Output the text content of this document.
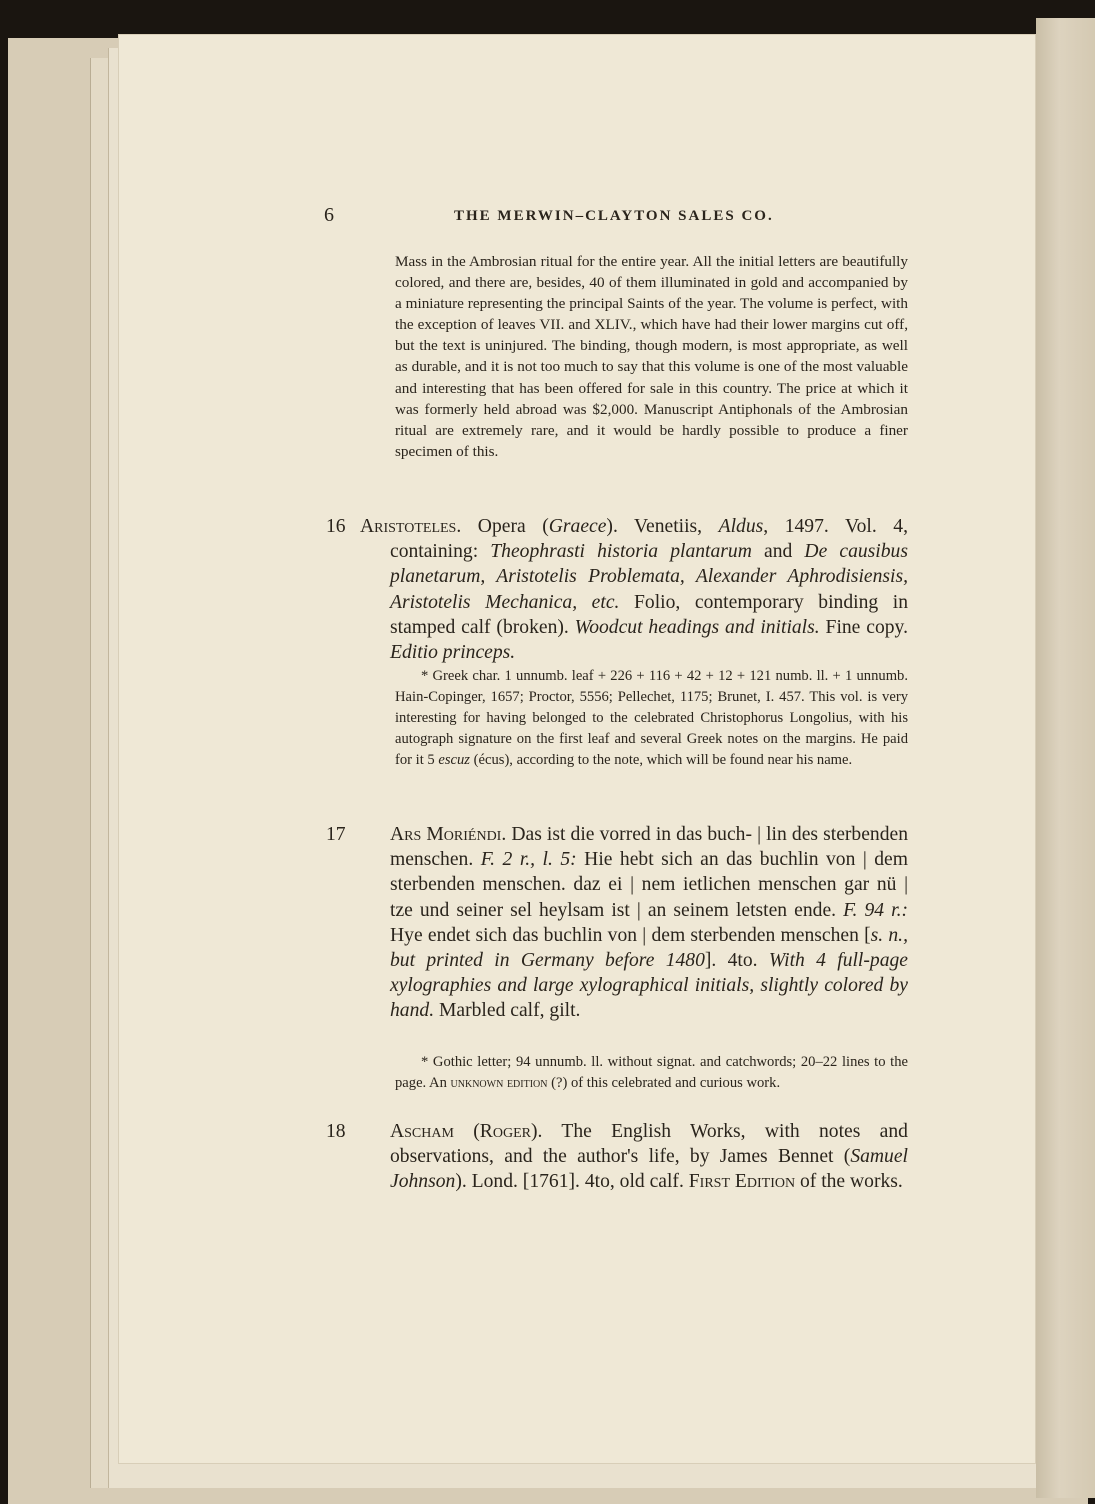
6	THE MERWIN–CLAYTON SALES CO.

Mass in the Ambrosian ritual for the entire year. All the initial letters are beautifully colored, and there are, besides, 40 of them illuminated in gold and accompanied by a miniature representing the principal Saints of the year. The volume is perfect, with the exception of leaves VII. and XLIV., which have had their lower margins cut off, but the text is uninjured. The binding, though modern, is most appropriate, as well as durable, and it is not too much to say that this volume is one of the most valuable and interesting that has been offered for sale in this country. The price at which it was formerly held abroad was $2,000. Manuscript Antiphonals of the Ambrosian ritual are extremely rare, and it would be hardly possible to produce a finer specimen of this.

16 Aristoteles. Opera (Graece). Venetiis, Aldus, 1497. Vol. 4, containing: Theophrasti historia plantarum and De causibus planetarum, Aristotelis Problemata, Alexander Aphrodisiensis, Aristotelis Mechanica, etc. Folio, contemporary binding in stamped calf (broken). Woodcut headings and initials. Fine copy. Editio princeps.

* Greek char. 1 unnumb. leaf + 226 + 116 + 42 + 12 + 121 numb. ll. + 1 unnumb. Hain-Copinger, 1657; Proctor, 5556; Pellechet, 1175; Brunet, I. 457. This vol. is very interesting for having belonged to the celebrated Christophorus Longolius, with his autograph signature on the first leaf and several Greek notes on the margins. He paid for it 5 escuz (écus), according to the note, which will be found near his name.

17 Ars Moriéndi. Das ist die vorred in das buch- | lin des sterbenden menschen. F. 2 r., l. 5: Hie hebt sich an das buchlin von | dem sterbenden menschen. daz ei | nem ietlichen menschen gar nü | tze und seiner sel heylsam ist | an seinem letsten ende. F. 94 r.: Hye endet sich das buchlin von | dem sterbenden menschen [s. n., but printed in Germany before 1480]. 4to. With 4 full-page xylographies and large xylographical initials, slightly colored by hand. Marbled calf, gilt.

* Gothic letter; 94 unnumb. ll. without signat. and catchwords; 20–22 lines to the page. An unknown edition (?) of this celebrated and curious work.

18 Ascham (Roger). The English Works, with notes and observations, and the author's life, by James Bennet (Samuel Johnson). Lond. [1761]. 4to, old calf. First Edition of the works.
